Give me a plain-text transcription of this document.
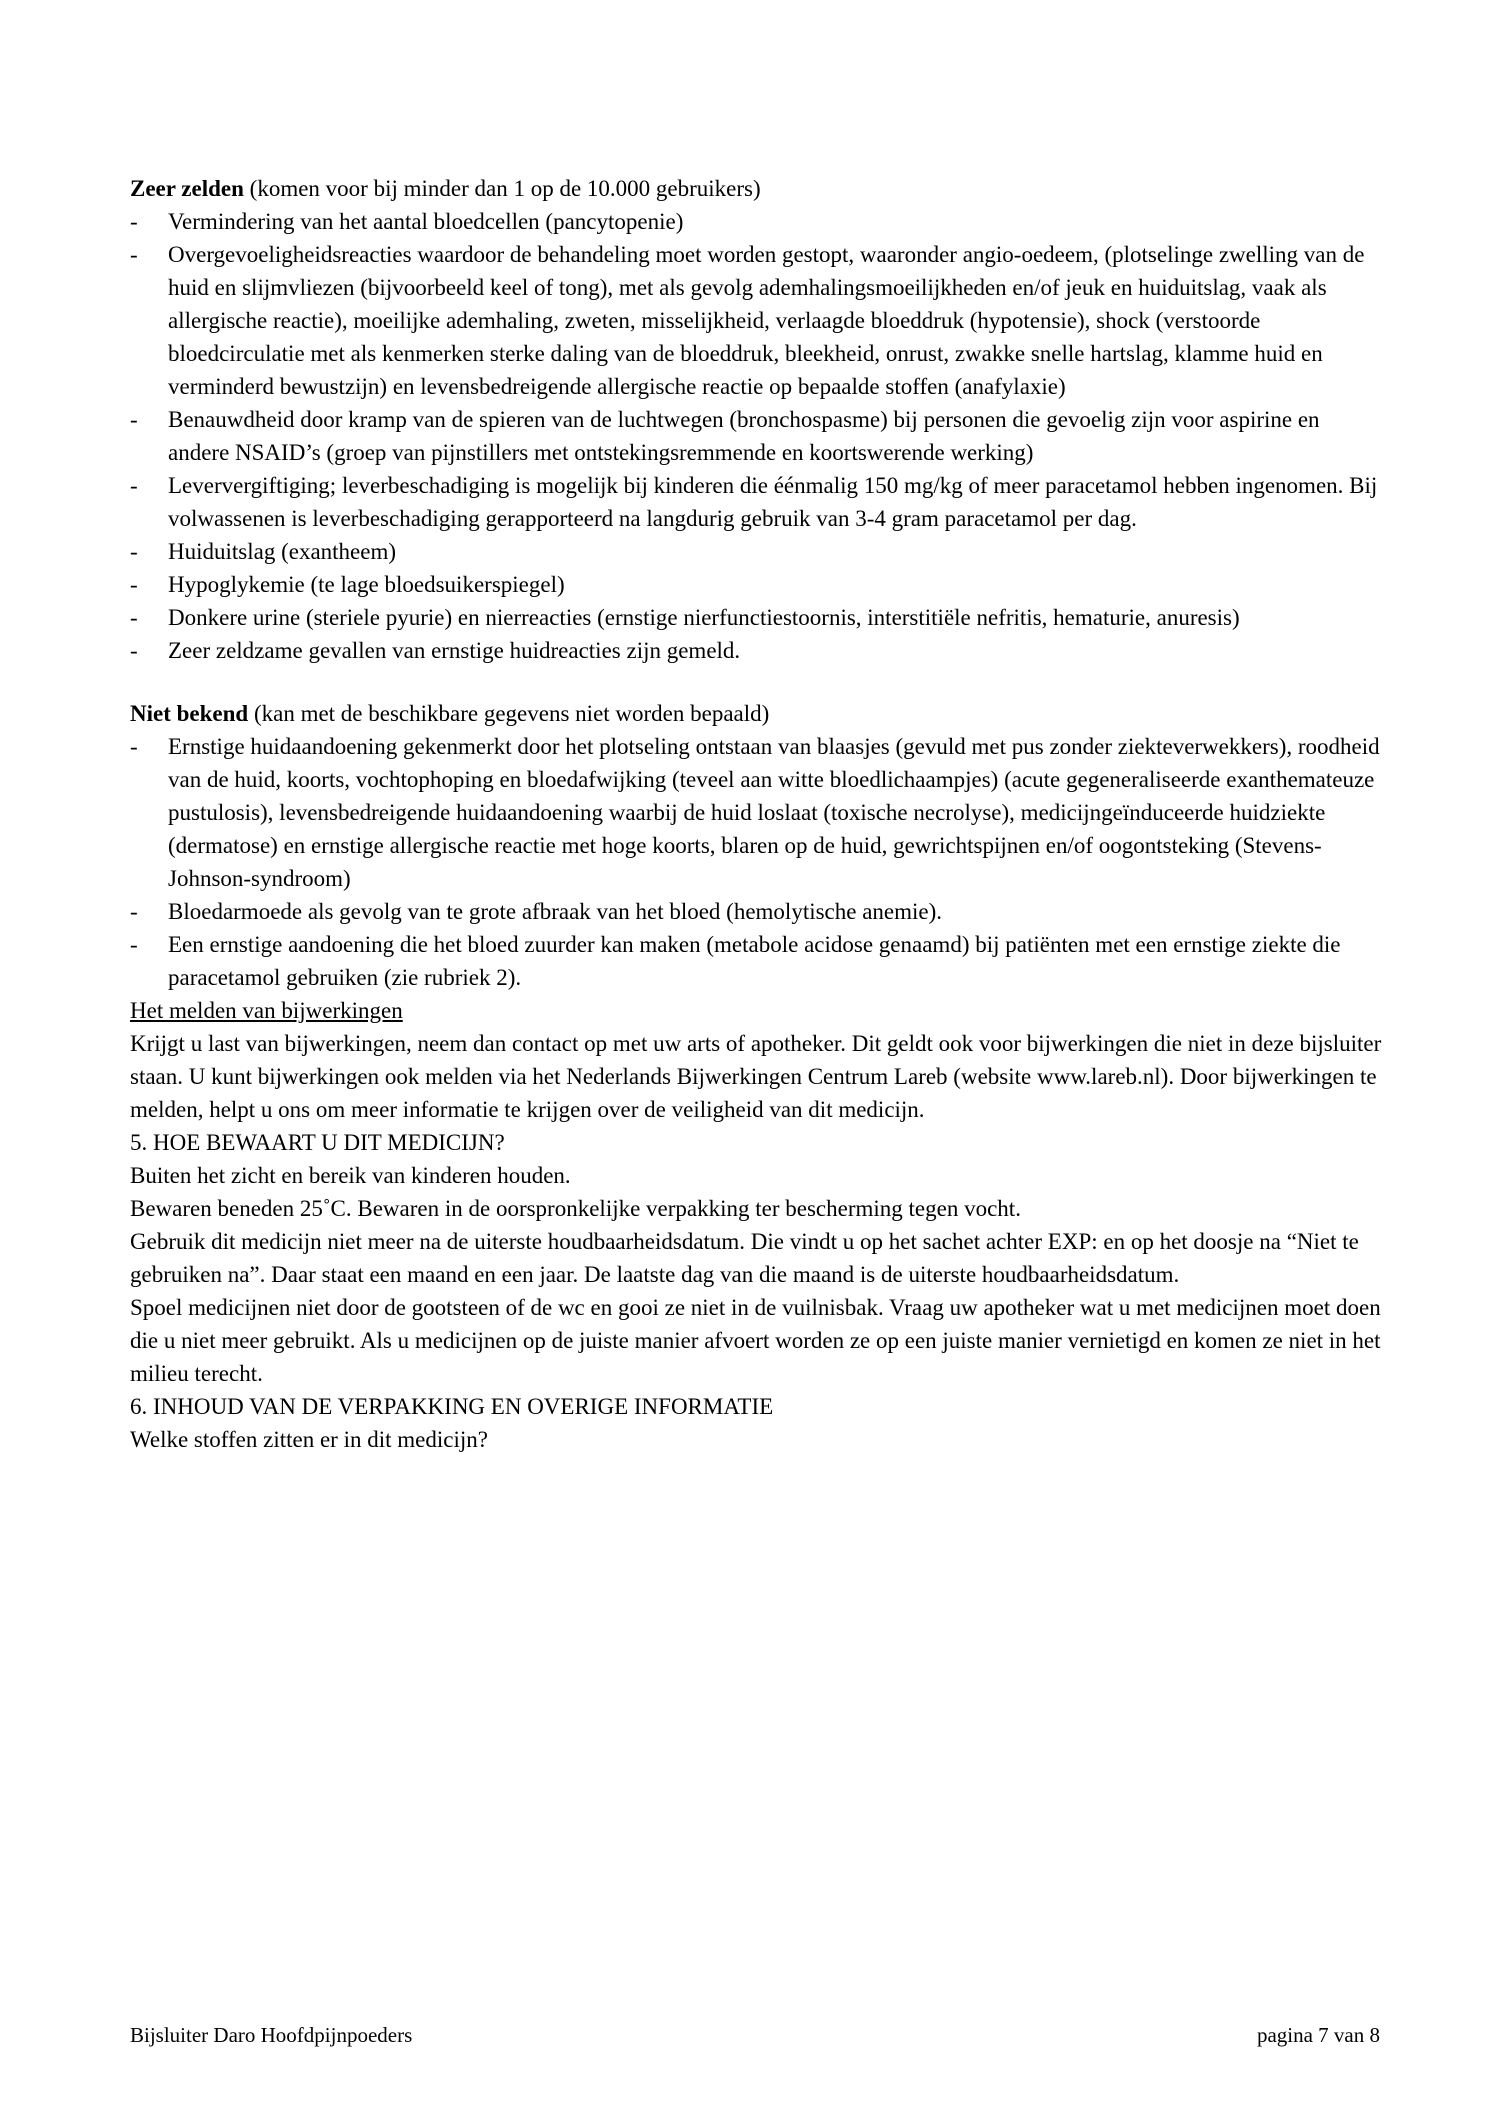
Zeer zelden (komen voor bij minder dan 1 op de 10.000 gebruikers)

-	Vermindering van het aantal bloedcellen (pancytopenie)
-	Overgevoeligheidsreacties waardoor de behandeling moet worden gestopt, waaronder angio-oedeem, (plotselinge zwelling van de huid en slijmvliezen (bijvoorbeeld keel of tong), met als gevolg ademhalingsmoeilijkheden en/of jeuk en huiduitslag, vaak als allergische reactie), moeilijke ademhaling, zweten, misselijkheid, verlaagde bloeddruk (hypotensie), shock (verstoorde bloedcirculatie met als kenmerken sterke daling van de bloeddruk, bleekheid, onrust, zwakke snelle hartslag, klamme huid en verminderd bewustzijn) en levensbedreigende allergische reactie op bepaalde stoffen (anafylaxie)
-	Benauwdheid door kramp van de spieren van de luchtwegen (bronchospasme) bij personen die gevoelig zijn voor aspirine en andere NSAID’s (groep van pijnstillers met ontstekingsremmende en koortswerende werking)
-	Leververgiftiging; leverbeschadiging is mogelijk bij kinderen die éénmalig 150 mg/kg of meer paracetamol hebben ingenomen. Bij volwassenen is leverbeschadiging gerapporteerd na langdurig gebruik van 3-4 gram paracetamol per dag.
-	Huiduitslag (exantheem)
-	Hypoglykemie (te lage bloedsuikerspiegel)
-	Donkere urine (steriele pyurie) en nierreacties (ernstige nierfunctiestoornis, interstitiële nefritis, hematurie, anuresis)
-	Zeer zeldzame gevallen van ernstige huidreacties zijn gemeld.

Niet bekend (kan met de beschikbare gegevens niet worden bepaald)

-	Ernstige huidaandoening gekenmerkt door het plotseling ontstaan van blaasjes (gevuld met pus zonder ziekteverwekkers), roodheid van de huid, koorts, vochtophoping en bloedafwijking (teveel aan witte bloedlichaampjes) (acute gegeneraliseerde exanthemateuze pustulosis), levensbedreigende huidaandoening waarbij de huid loslaat (toxische necrolyse), medicijngeïnduceerde huidziekte (dermatose) en ernstige allergische reactie met hoge koorts, blaren op de huid, gewrichtspijnen en/of oogontsteking (Stevens-Johnson-syndroom)
-	Bloedarmoede als gevolg van te grote afbraak van het bloed (hemolytische anemie).
-	Een ernstige aandoening die het bloed zuurder kan maken (metabole acidose genaamd) bij patiënten met een ernstige ziekte die paracetamol gebruiken (zie rubriek 2).
Het melden van bijwerkingen

Krijgt u last van bijwerkingen, neem dan contact op met uw arts of apotheker. Dit geldt ook voor bijwerkingen die niet in deze bijsluiter staan. U kunt bijwerkingen ook melden via het Nederlands Bijwerkingen Centrum Lareb (website www.lareb.nl). Door bijwerkingen te melden, helpt u ons om meer informatie te krijgen over de veiligheid van dit medicijn.

5. HOE BEWAART U DIT MEDICIJN?

Buiten het zicht en bereik van kinderen houden.

Bewaren beneden 25˚C. Bewaren in de oorspronkelijke verpakking ter bescherming tegen vocht.

Gebruik dit medicijn niet meer na de uiterste houdbaarheidsdatum. Die vindt u op het sachet achter EXP: en op het doosje na “Niet te gebruiken na”. Daar staat een maand en een jaar. De laatste dag van die maand is de uiterste houdbaarheidsdatum.

Spoel medicijnen niet door de gootsteen of de wc en gooi ze niet in de vuilnisbak. Vraag uw apotheker wat u met medicijnen moet doen die u niet meer gebruikt. Als u medicijnen op de juiste manier afvoert worden ze op een juiste manier vernietigd en komen ze niet in het milieu terecht.

6. INHOUD VAN DE VERPAKKING EN OVERIGE INFORMATIE
Welke stoffen zitten er in dit medicijn?
Bijsluiter Daro Hoofdpijnpoeders	pagina 7 van 8
